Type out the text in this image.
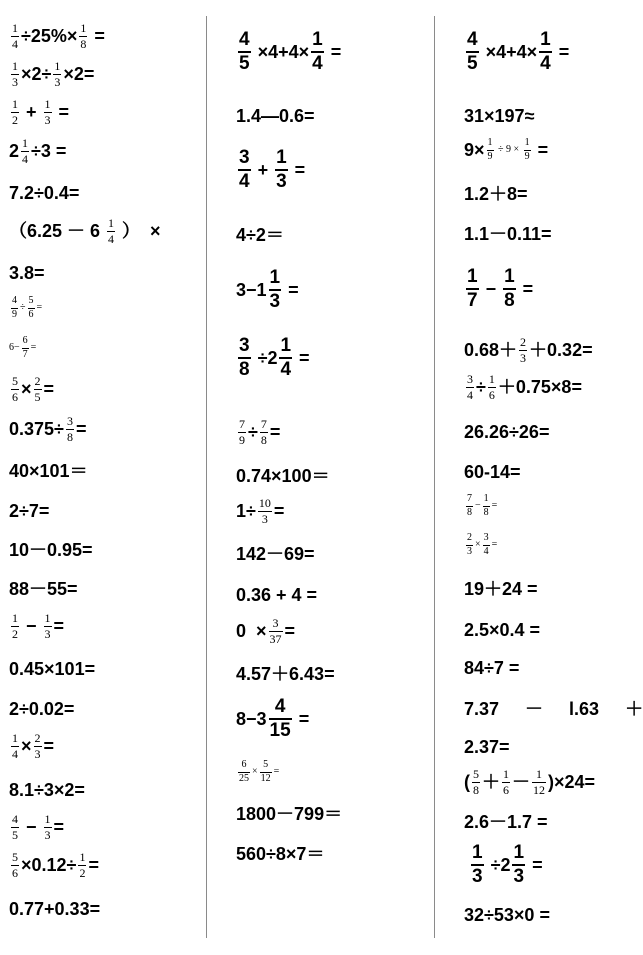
$\frac{1}{4} \div 25\%\times \frac{1}{8}$ =
$\frac{1}{3} \times 2\div \frac{1}{3} \times 2=$
$\frac{1}{2} + \frac{1}{3}$ =
$2 \frac{1}{4} \div 3$ =
7.2÷0.4=
（$6.25 - 6 \frac{1}{4}$ ）  ×
3.8=
$\frac{4}{9} \div \frac{5}{6}$ =
$6- \frac{6}{7}$ =
$\frac{5}{6} \times \frac{2}{5}$ =
$0.375\div \frac{3}{8}$ =
40×101＝
2÷7=
10－0.95=
88－55=
$\frac{1}{2} - \frac{1}{3}$ =
0.45×101=
2÷0.02=
$\frac{1}{4} \times \frac{2}{3}$ =
8.1÷3×2=
$\frac{4}{5} - \frac{1}{3}$ =
$\frac{5}{6} \times 0.12\div \frac{1}{2}$ =
0.77+0.33=
$\frac{4}{5} \times 4+4\times \frac{1}{4}$ =
1.4—0.6=
$\frac{3}{4} + \frac{1}{3}$ =
4÷2＝
$3-1 \frac{1}{3}$ =
$\frac{3}{8} \div 2 \frac{1}{4}$ =
$\frac{7}{9} \div \frac{7}{8}$ =
0.74×100＝
$1\div \frac{10}{3}$ =
142－69=
0.36 + 4 =
$0 \times \frac{3}{37}$ =
4.57＋6.43=
$8-3 \frac{4}{15}$ =
$\frac{6}{25} \times \frac{5}{12}$ =
1800－799＝
560÷8×7＝
$\frac{4}{5} \times 4+4\times \frac{1}{4}$ =
31×197≈
$9\times \frac{1}{9} \div 9 \times \frac{1}{9}$ =
1.2＋8=
1.1－0.11=
$\frac{1}{7} - \frac{1}{8}$ =
$0.68+ \frac{2}{3} +0.32=$
$\frac{3}{4} \div \frac{1}{6} +0.75\times 8=$
26.26÷26=
60-14=
$\frac{7}{8} - \frac{1}{8}$ =
$\frac{2}{3} \times \frac{3}{4}$ =
19＋24 =
2.5×0.4 =
84÷7 =
7.37 － l.63 ＋
2.37=
( $\frac{5}{8} + \frac{1}{6} - \frac{1}{12} )\times 24=$
2.6－1.7 =

$\frac{1}{3} \div 2 \frac{1}{3}$ =
32÷53×0 =
